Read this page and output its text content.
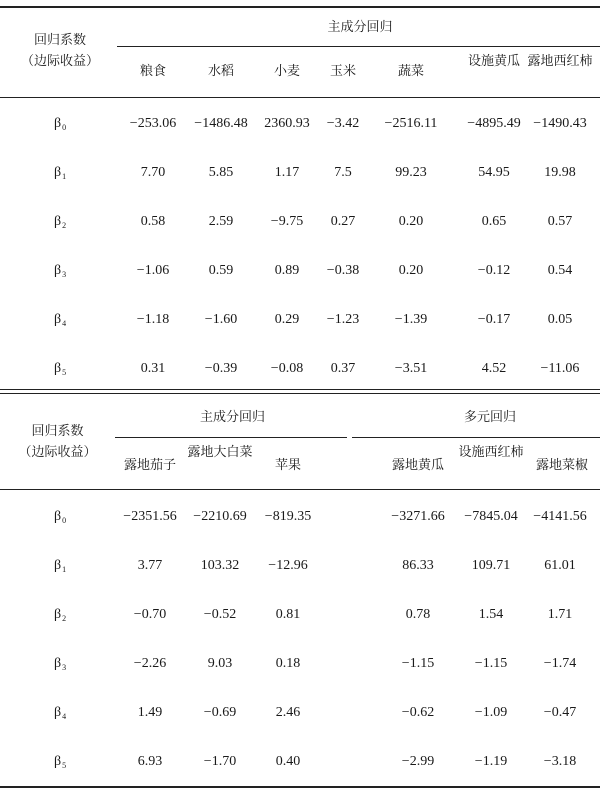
回归系数
（边际收益）
主成分回归
粮食	水稻	小麦	玉米	蔬菜
设施黄瓜 露地西红柿
$\beta_0$	−253.06	−1486.48	2360.93	−3.42	−2516.11	−4895.49 −1490.43
$\beta_1$	7.70	5.85	1.17	7.5	99.23	54.95	19.98
$\beta_2$	0.58	2.59	−9.75	0.27	0.20	0.65	0.57
$\beta_3$	−1.06	0.59	0.89	−0.38	0.20	−0.12	0.54
$\beta_4$	−1.18	−1.60	0.29	−1.23	−1.39	−0.17	0.05
$\beta_5$	0.31	−0.39	−0.08	0.37	−3.51	4.52	−11.06
回归系数
（边际收益）
主成分回归	多元回归
露地茄子
露地大白菜
苹果	露地黄瓜
设施西红柿
露地菜椒
$\beta_0$	−2351.56	−2210.69	−819.35	−3271.66	−7845.04	−4141.56
$\beta_1$	3.77	103.32	−12.96	86.33	109.71	61.01
$\beta_2$	−0.70	−0.52	0.81	0.78	1.54	1.71
$\beta_3$	−2.26	9.03	0.18	−1.15	−1.15	−1.74
$\beta_4$	1.49	−0.69	2.46	−0.62	−1.09	−0.47
$\beta_5$	6.93	−1.70	0.40	−2.99	−1.19	−3.18
